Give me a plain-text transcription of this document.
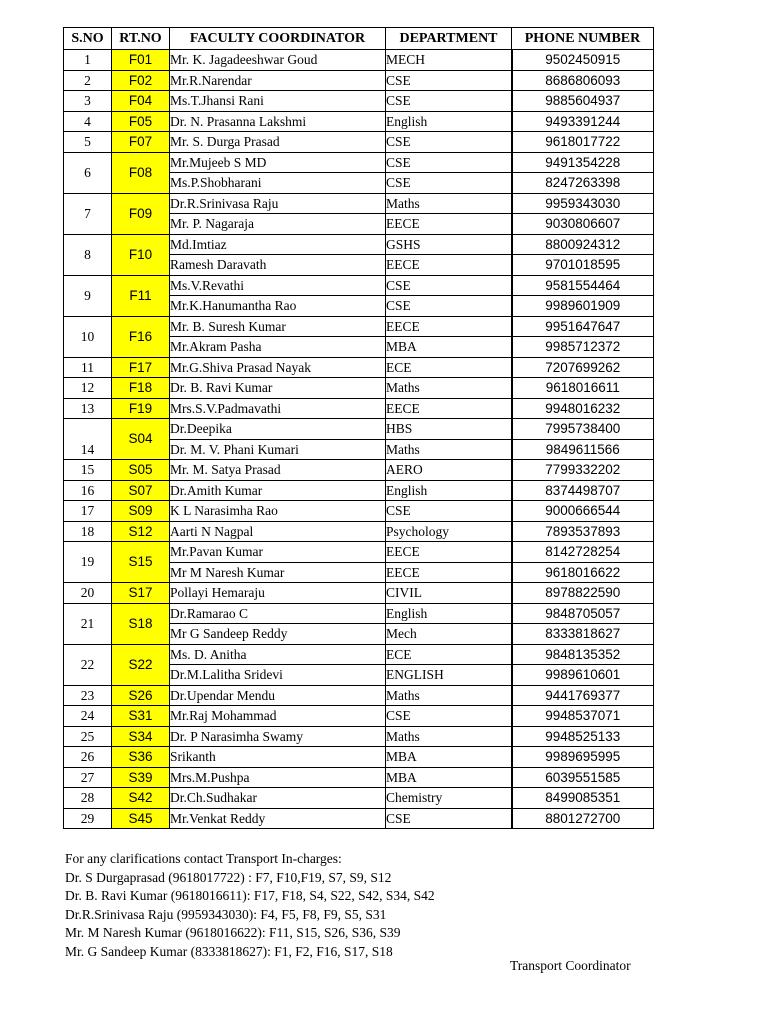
S.NO	RT.NO	FACULTY COORDINATOR	DEPARTMENT	PHONE NUMBER
1	F01	Mr. K. Jagadeeshwar Goud	MECH	9502450915
2	F02	Mr.R.Narendar	CSE	8686806093
3	F04	Ms.T.Jhansi Rani	CSE	9885604937
4	F05	Dr. N. Prasanna Lakshmi	English	9493391244
5	F07	Mr. S. Durga Prasad	CSE	9618017722
6	F08	Mr.Mujeeb S MD	CSE	9491354228
		Ms.P.Shobharani	CSE	8247263398
7	F09	Dr.R.Srinivasa Raju	Maths	9959343030
		Mr. P. Nagaraja	EECE	9030806607
8	F10	Md.Imtiaz	GSHS	8800924312
		Ramesh Daravath	EECE	9701018595
9	F11	Ms.V.Revathi	CSE	9581554464
		Mr.K.Hanumantha Rao	CSE	9989601909
10	F16	Mr. B. Suresh Kumar	EECE	9951647647
		Mr.Akram Pasha	MBA	9985712372
11	F17	Mr.G.Shiva Prasad Nayak	ECE	7207699262
12	F18	Dr. B. Ravi Kumar	Maths	9618016611
13	F19	Mrs.S.V.Padmavathi	EECE	9948016232
14	S04	Dr.Deepika	HBS	7995738400
		Dr. M. V. Phani Kumari	Maths	9849611566
15	S05	Mr. M. Satya Prasad	AERO	7799332202
16	S07	Dr.Amith Kumar	English	8374498707
17	S09	K L Narasimha Rao	CSE	9000666544
18	S12	Aarti N Nagpal	Psychology	7893537893
19	S15	Mr.Pavan Kumar	EECE	8142728254
		Mr M Naresh Kumar	EECE	9618016622
20	S17	Pollayi Hemaraju	CIVIL	8978822590
21	S18	Dr.Ramarao C	English	9848705057
		Mr G Sandeep Reddy	Mech	8333818627
22	S22	Ms. D. Anitha	ECE	9848135352
		Dr.M.Lalitha Sridevi	ENGLISH	9989610601
23	S26	Dr.Upendar Mendu	Maths	9441769377
24	S31	Mr.Raj Mohammad	CSE	9948537071
25	S34	Dr. P Narasimha Swamy	Maths	9948525133
26	S36	Srikanth	MBA	9989695995
27	S39	Mrs.M.Pushpa	MBA	6039551585
28	S42	Dr.Ch.Sudhakar	Chemistry	8499085351
29	S45	Mr.Venkat Reddy	CSE	8801272700
For any clarifications contact Transport In-charges:
Dr. S Durgaprasad (9618017722) : F7, F10,F19, S7, S9, S12
Dr. B. Ravi Kumar (9618016611): F17, F18, S4, S22, S42, S34, S42
Dr.R.Srinivasa Raju (9959343030): F4, F5, F8, F9, S5, S31
Mr. M Naresh Kumar (9618016622): F11, S15, S26, S36, S39
Mr. G Sandeep Kumar (8333818627): F1, F2, F16, S17, S18
Transport Coordinator
